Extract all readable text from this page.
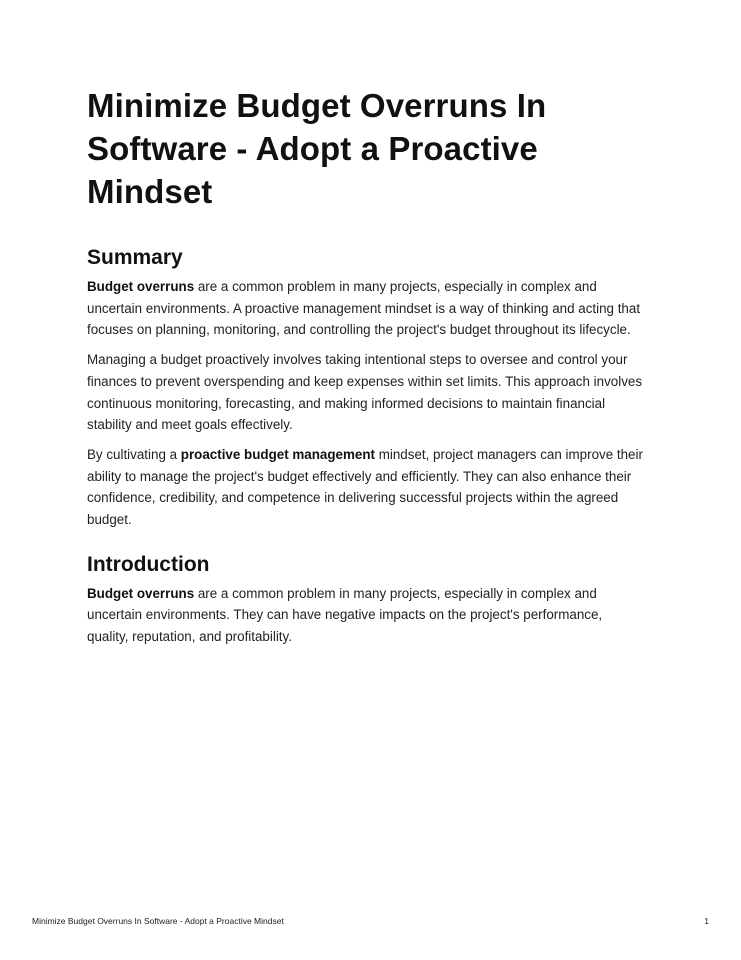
Minimize Budget Overruns In Software - Adopt a Proactive Mindset
Summary

Budget overruns are a common problem in many projects, especially in complex and uncertain environments. A proactive management mindset is a way of thinking and acting that focuses on planning, monitoring, and controlling the project's budget throughout its lifecycle.

Managing a budget proactively involves taking intentional steps to oversee and control your finances to prevent overspending and keep expenses within set limits. This approach involves continuous monitoring, forecasting, and making informed decisions to maintain financial stability and meet goals effectively.

By cultivating a proactive budget management mindset, project managers can improve their ability to manage the project's budget effectively and efficiently. They can also enhance their confidence, credibility, and competence in delivering successful projects within the agreed budget.

Introduction

Budget overruns are a common problem in many projects, especially in complex and uncertain environments. They can have negative impacts on the project's performance, quality, reputation, and profitability.

Minimize Budget Overruns In Software - Adopt a Proactive Mindset	1
